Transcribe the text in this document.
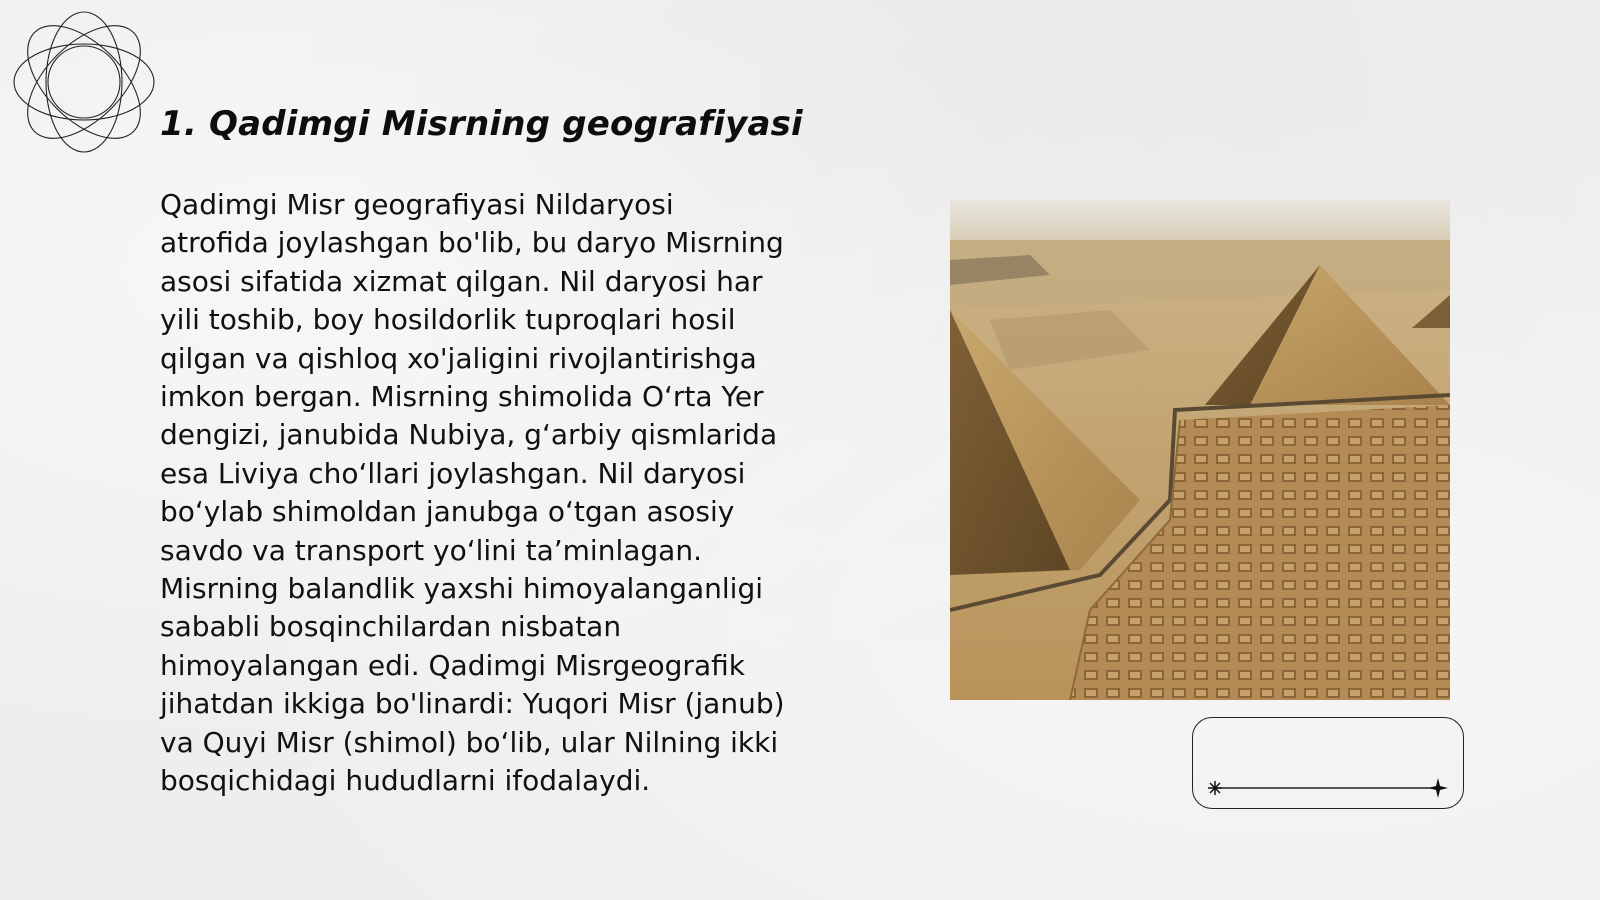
1. Qadimgi Misrning geografiyasi
Qadimgi Misr geografiyasi Nildaryosi
atrofida joylashgan bo'lib, bu daryo Misrning
asosi sifatida xizmat qilgan. Nil daryosi har
yili toshib, boy hosildorlik tuproqlari hosil
qilgan va qishloq xo'jaligini rivojlantirishga
imkon bergan. Misrning shimolida O‘rta Yer
dengizi, janubida Nubiya, g‘arbiy qismlarida
esa Liviya cho‘llari joylashgan. Nil daryosi
bo‘ylab shimoldan janubga o‘tgan asosiy
savdo va transport yo‘lini ta’minlagan.
Misrning balandlik yaxshi himoyalanganligi
sababli bosqinchilardan nisbatan
himoyalangan edi. Qadimgi Misrgeografik
jihatdan ikkiga bo'linardi: Yuqori Misr (janub)
va Quyi Misr (shimol) bo‘lib, ular Nilning ikki
bosqichidagi hududlarni ifodalaydi.
